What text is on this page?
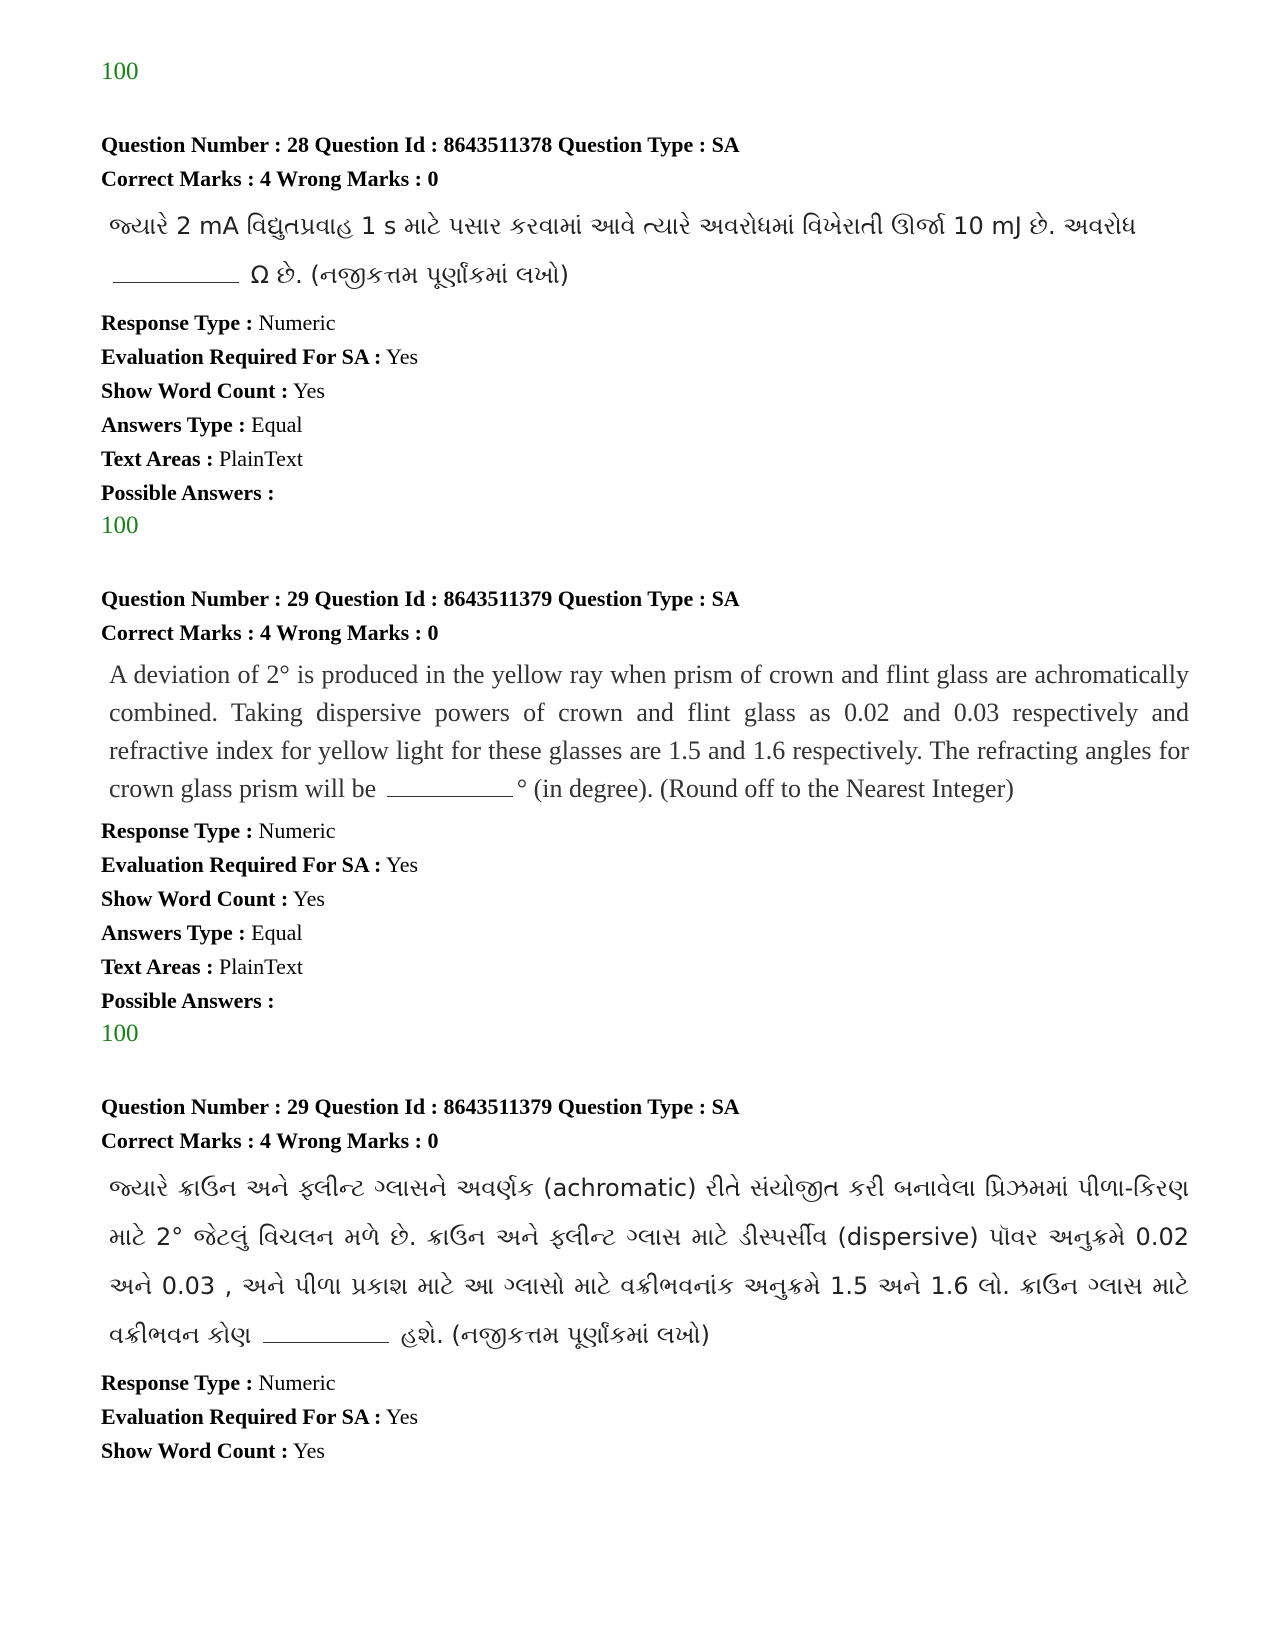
100

Question Number : 28 Question Id : 8643511378 Question Type : SA

Correct Marks : 4 Wrong Marks : 0

જ્યારે 2 mA વિદ્યુતપ્રવાહ 1 s માટે પસાર કરવામાં આવે ત્યારે અવરોધમાં વિખેરાતી ઊર્જા 10 mJ છે. અવરોધ
Ω છે. (નજીકત્તમ પૂર્ણાંકમાં લખો)

Response Type : Numeric

Evaluation Required For SA : Yes

Show Word Count : Yes

Answers Type : Equal

Text Areas : PlainText

Possible Answers :

100

Question Number : 29 Question Id : 8643511379 Question Type : SA

Correct Marks : 4 Wrong Marks : 0

A deviation of 2° is produced in the yellow ray when prism of crown and flint glass are achromatically combined. Taking dispersive powers of crown and flint glass as 0.02 and 0.03 respectively and refractive index for yellow light for these glasses are 1.5 and 1.6 respectively. The refracting angles for crown glass prism will be	° (in degree). (Round off to the Nearest Integer)

Response Type : Numeric

Evaluation Required For SA : Yes

Show Word Count : Yes

Answers Type : Equal

Text Areas : PlainText

Possible Answers :

100

Question Number : 29 Question Id : 8643511379 Question Type : SA

Correct Marks : 4 Wrong Marks : 0

જ્યારે ક્રાઉન અને ફ્લીન્ટ ગ્લાસને અવર્ણક (achromatic) રીતે સંયોજીત કરી બનાવેલા પ્રિઝમમાં પીળા-કિરણ માટે 2° જેટલું વિચલન મળે છે. ક્રાઉન અને ફ્લીન્ટ ગ્લાસ માટે ડીસ્પર્સીવ (dispersive) પૉવર અનુક્રમે 0.02 અને 0.03 , અને પીળા પ્રકાશ માટે આ ગ્લાસો માટે વક્રીભવનાંક અનુક્રમે 1.5 અને 1.6 લો. ક્રાઉન ગ્લાસ માટે વક્રીભવન કોણ	હશે. (નજીકત્તમ પૂર્ણાંકમાં લખો)

Response Type : Numeric

Evaluation Required For SA : Yes

Show Word Count : Yes
